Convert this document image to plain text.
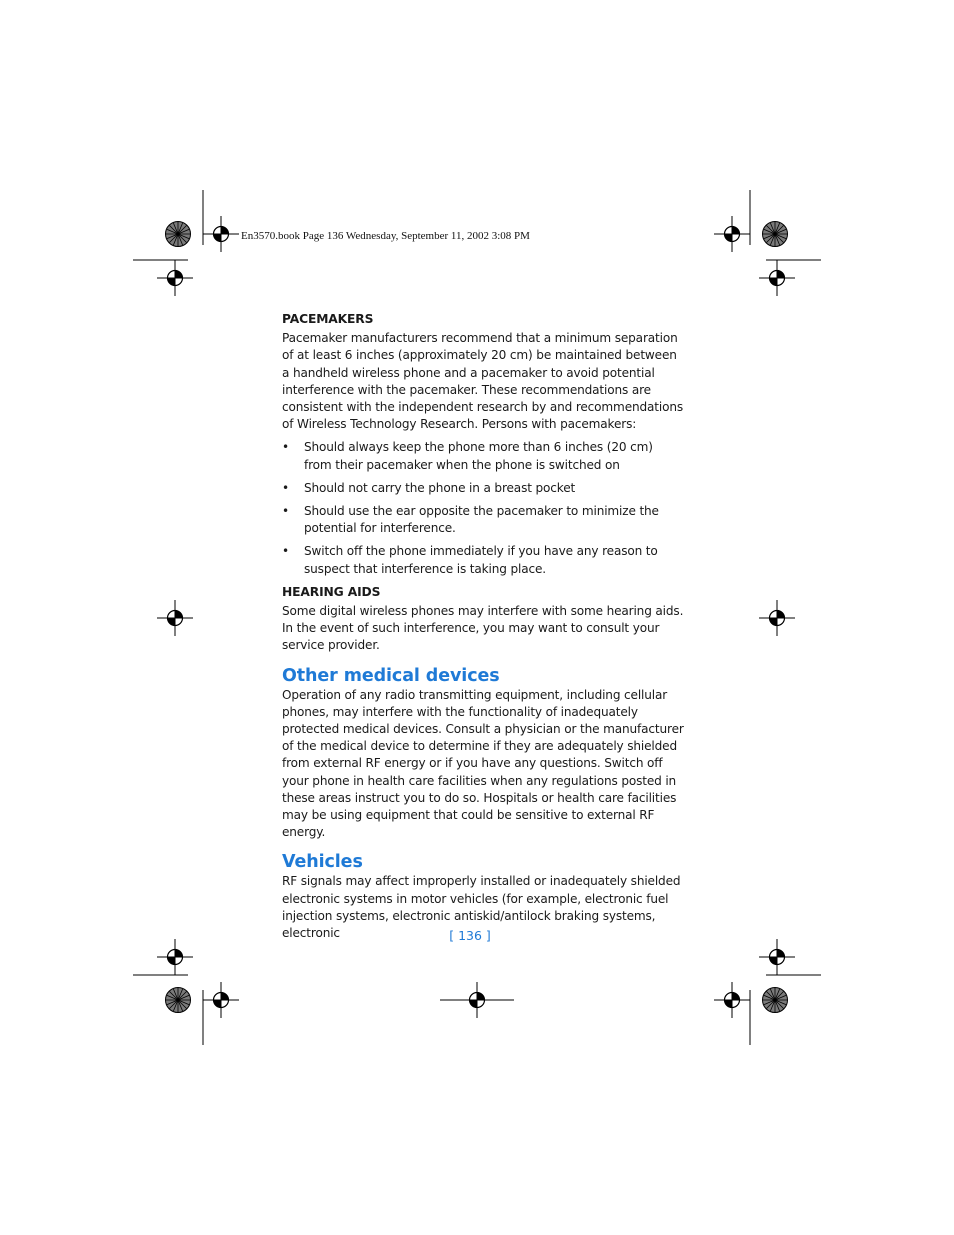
En3570.book Page 136 Wednesday, September 11, 2002 3:08 PM
PACEMAKERS

Pacemaker manufacturers recommend that a minimum separation of at least 6 inches (approximately 20 cm) be maintained between a handheld wireless phone and a pacemaker to avoid potential interference with the pacemaker. These recommendations are consistent with the independent research by and recommendations of Wireless Technology Research. Persons with pacemakers:

• Should always keep the phone more than 6 inches (20 cm) from their pacemaker when the phone is switched on
• Should not carry the phone in a breast pocket
• Should use the ear opposite the pacemaker to minimize the potential for interference.
• Switch off the phone immediately if you have any reason to suspect that interference is taking place.
HEARING AIDS

Some digital wireless phones may interfere with some hearing aids. In the event of such interference, you may want to consult your service provider.

Other medical devices

Operation of any radio transmitting equipment, including cellular phones, may interfere with the functionality of inadequately protected medical devices. Consult a physician or the manufacturer of the medical device to determine if they are adequately shielded from external RF energy or if you have any questions. Switch off your phone in health care facilities when any regulations posted in these areas instruct you to do so. Hospitals or health care facilities may be using equipment that could be sensitive to external RF energy.

Vehicles

RF signals may affect improperly installed or inadequately shielded electronic systems in motor vehicles (for example, electronic fuel injection systems, electronic antiskid/antilock braking systems, electronic	[ 136 ]
